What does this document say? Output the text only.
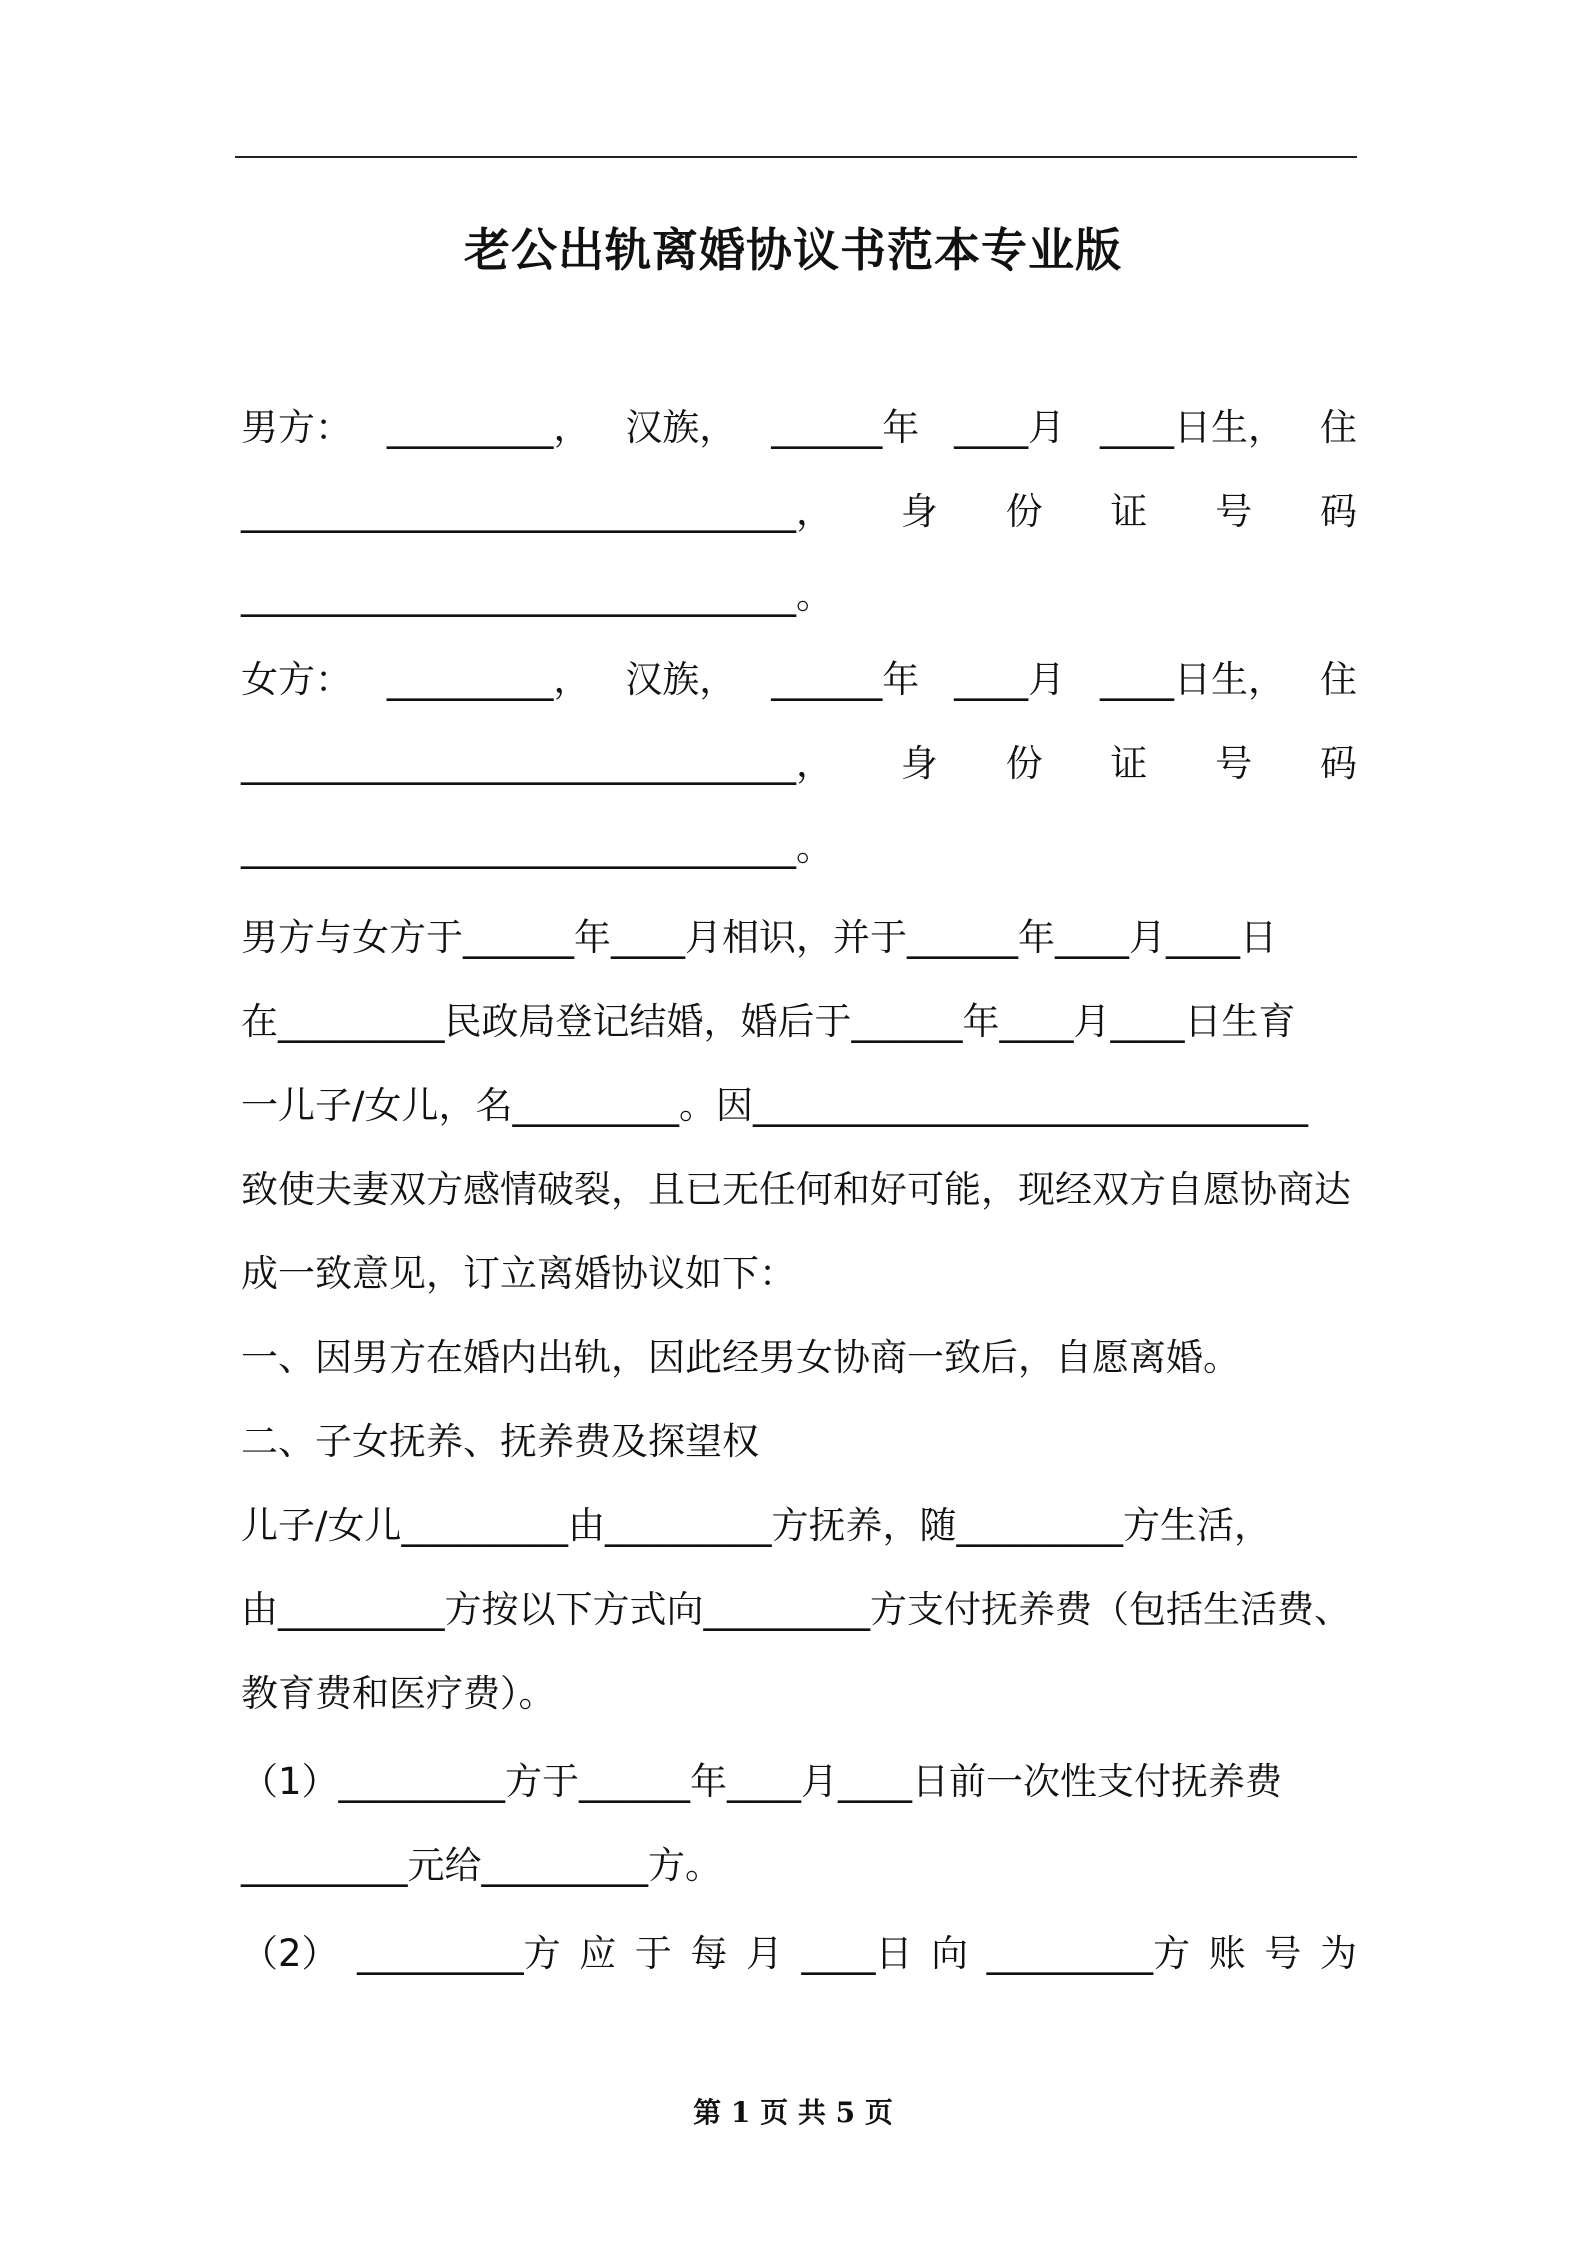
老公出轨离婚协议书范本专业版
男方： _________， 汉族， ______年 ____月 ____日生， 住
______________________________， 身 份 证 号 码
______________________________。
女方： _________， 汉族， ______年 ____月 ____日生， 住
______________________________， 身 份 证 号 码
______________________________。
男方与女方于______年____月相识，并于______年____月____日
在_________民政局登记结婚，婚后于______年____月____日生育
一儿子/女儿，名_________。因______________________________
致使夫妻双方感情破裂，且已无任何和好可能，现经双方自愿协商达
成一致意见，订立离婚协议如下：
一、因男方在婚内出轨，因此经男女协商一致后，自愿离婚。
二、子女抚养、抚养费及探望权
儿子/女儿_________由_________方抚养，随_________方生活，
由_________方按以下方式向_________方支付抚养费（包括生活费、
教育费和医疗费）。
（1）_________方于______年____月____日前一次性支付抚养费
_________元给_________方。
（2） _________方 应 于 每 月 ____日 向 _________方 账 号 为
第 1 页 共 5 页
